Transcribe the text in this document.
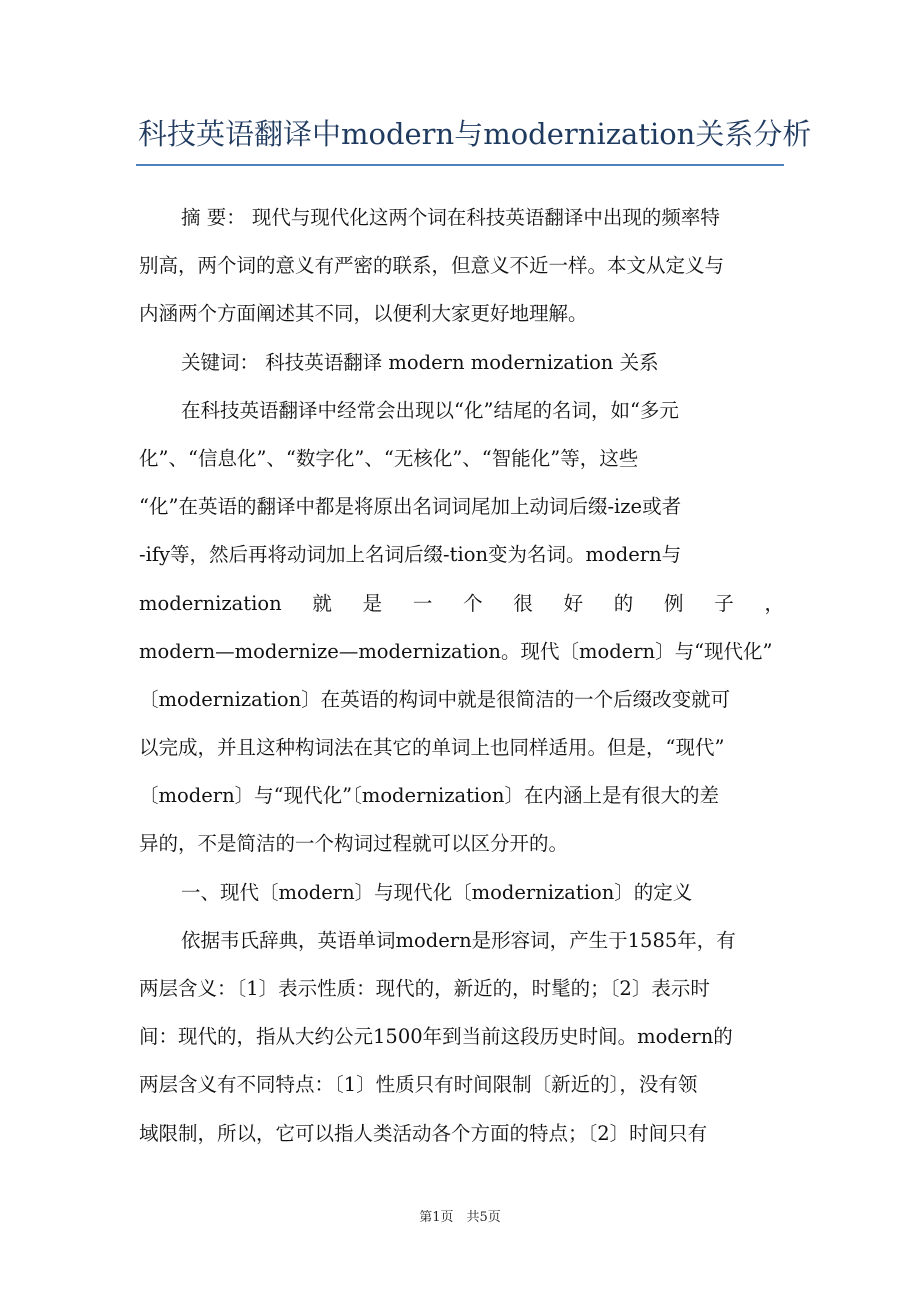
科技英语翻译中modern与modernization关系分析
摘 要： 现代与现代化这两个词在科技英语翻译中出现的频率特
别高，两个词的意义有严密的联系，但意义不近一样。本文从定义与
内涵两个方面阐述其不同，以便利大家更好地理解。
关键词： 科技英语翻译 modern modernization 关系
在科技英语翻译中经常会出现以“化”结尾的名词，如“多元
化”、“信息化”、“数字化”、“无核化”、“智能化”等，这些
“化”在英语的翻译中都是将原出名词词尾加上动词后缀-ize或者
-ify等，然后再将动词加上名词后缀-tion变为名词。modern与
modernization 就 是 一 个 很 好 的 例 子 ，
modern—modernize—modernization。现代〔modern〕与“现代化”
〔modernization〕在英语的构词中就是很简洁的一个后缀改变就可
以完成，并且这种构词法在其它的单词上也同样适用。但是，“现代”
〔modern〕与“现代化”〔modernization〕在内涵上是有很大的差
异的，不是简洁的一个构词过程就可以区分开的。
一、现代〔modern〕与现代化〔modernization〕的定义
依据韦氏辞典，英语单词modern是形容词，产生于1585年，有
两层含义：〔1〕表示性质：现代的，新近的，时髦的；〔2〕表示时
间：现代的，指从大约公元1500年到当前这段历史时间。modern的
两层含义有不同特点：〔1〕性质只有时间限制〔新近的〕，没有领
域限制，所以，它可以指人类活动各个方面的特点；〔2〕时间只有
第1页　共5页
